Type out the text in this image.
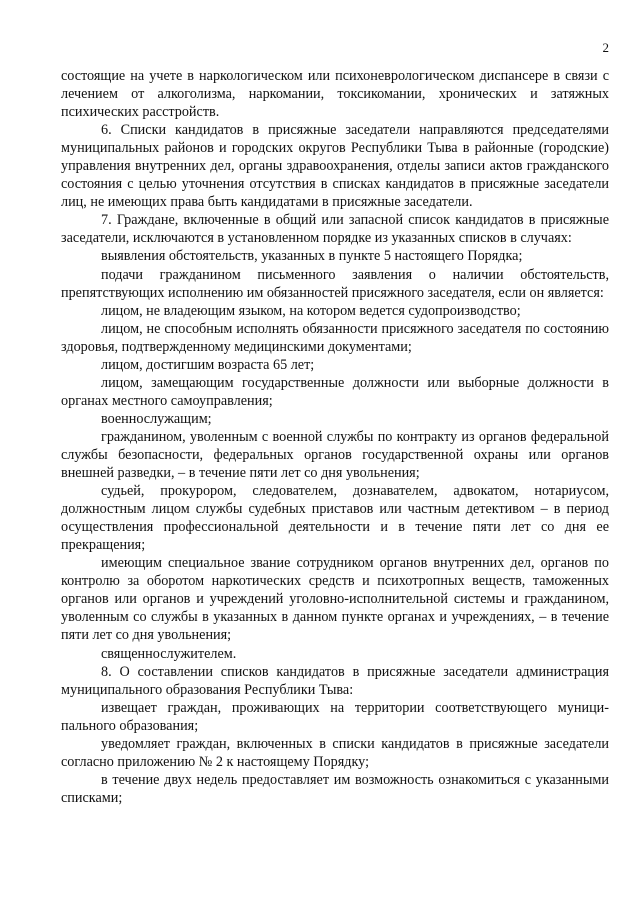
2

состоящие на учете в наркологическом или психоневрологическом диспансере в связи с лечением от алкоголизма, наркомании, токсикомании, хронических и затяжных психических расстройств.

6. Списки кандидатов в присяжные заседатели направляются председателями муниципальных районов и городских округов Республики Тыва в районные (городские) управления внутренних дел, органы здравоохранения, отделы записи актов гражданского состояния с целью уточнения отсутствия в списках кандидатов в присяжные заседатели лиц, не имеющих права быть кандидатами в присяжные заседатели.

7. Граждане, включенные в общий или запасной список кандидатов в присяжные заседатели, исключаются в установленном порядке из указанных списков в случаях:

выявления обстоятельств, указанных в пункте 5 настоящего Порядка;

подачи гражданином письменного заявления о наличии обстоятельств, препятствующих исполнению им обязанностей присяжного заседателя, если он является:

лицом, не владеющим языком, на котором ведется судопроизводство;

лицом, не способным исполнять обязанности присяжного заседателя по состоянию здоровья, подтвержденному медицинскими документами;

лицом, достигшим возраста 65 лет;

лицом, замещающим государственные должности или выборные должности в органах местного самоуправления;

военнослужащим;

гражданином, уволенным с военной службы по контракту из органов федеральной службы безопасности, федеральных органов государственной охраны или органов внешней разведки, – в течение пяти лет со дня увольнения;

судьей, прокурором, следователем, дознавателем, адвокатом, нотариусом, должностным лицом службы судебных приставов или частным детективом – в период осуществления профессиональной деятельности и в течение пяти лет со дня ее прекращения;

имеющим специальное звание сотрудником органов внутренних дел, органов по контролю за оборотом наркотических средств и психотропных веществ, таможенных органов или органов и учреждений уголовно-исполнительной системы и гражданином, уволенным со службы в указанных в данном пункте органах и учреждениях, – в течение пяти лет со дня увольнения;

священнослужителем.

8. О составлении списков кандидатов в присяжные заседатели администрация муниципального образования Республики Тыва:

извещает граждан, проживающих на территории соответствующего муниципального образования;

уведомляет граждан, включенных в списки кандидатов в присяжные заседатели согласно приложению № 2 к настоящему Порядку;

в течение двух недель предоставляет им возможность ознакомиться с указанными списками;
